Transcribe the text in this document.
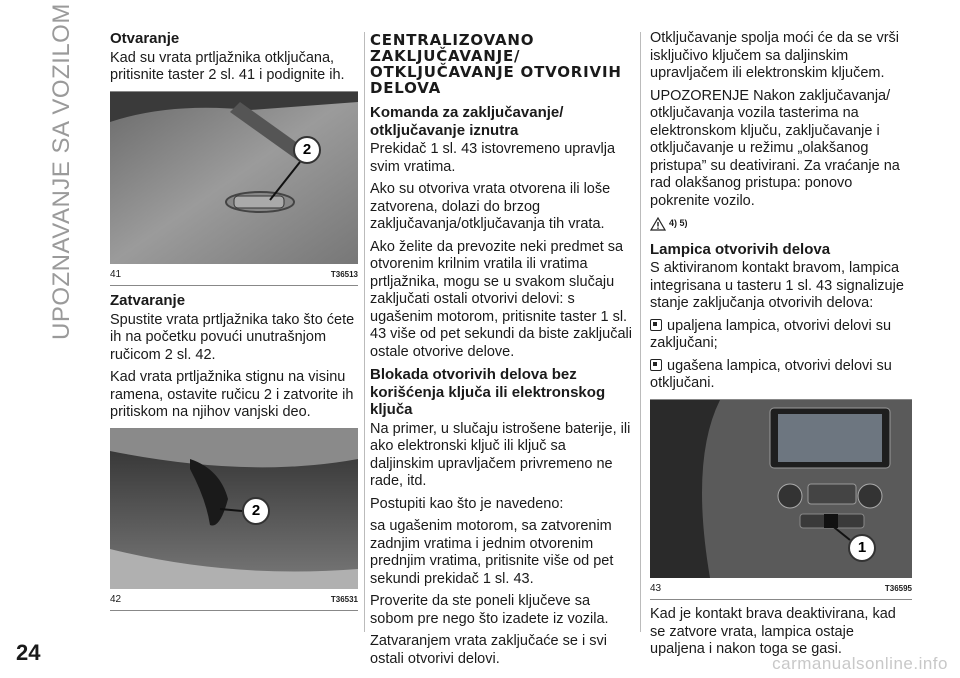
UPOZNAVANJE SA VOZILOM
24
Otvaranje

Kad su vrata prtljažnika otključana, pritisnite taster 2 sl. 41 i podignite ih.

2
41	T36513
Zatvaranje

Spustite vrata prtljažnika tako što ćete ih na početku povući unutrašnjom ručicom 2 sl. 42.

Kad vrata prtljažnika stignu na visinu ramena, ostavite ručicu 2 i zatvorite ih pritiskom na njihov vanjski deo.

2
42	T36531
CENTRALIZOVANO ZAKLJUČAVANJE/ OTKLJUČAVANJE OTVORIVIH DELOVA
Komanda za zaključavanje/ otključavanje iznutra

Prekidač 1 sl. 43 istovremeno upravlja svim vratima.

Ako su otvoriva vrata otvorena ili loše zatvorena, dolazi do brzog zaključavanja/otključavanja tih vrata.

Ako želite da prevozite neki predmet sa otvorenim krilnim vratila ili vratima prtljažnika, mogu se u svakom slučaju zaključati ostali otvorivi delovi: s ugašenim motorom, pritisnite taster 1 sl. 43 više od pet sekundi da biste zaključali ostale otvorive delove.

Blokada otvorivih delova bez korišćenja ključa ili elektronskog ključa

Na primer, u slučaju istrošene baterije, ili ako elektronski ključ ili ključ sa daljinskim upravljačem privremeno ne rade, itd.

Postupiti kao što je navedeno:

sa ugašenim motorom, sa zatvorenim zadnjim vratima i jednim otvorenim prednjim vratima, pritisnite više od pet sekundi prekidač 1 sl. 43.

Proverite da ste poneli ključeve sa sobom pre nego što izadete iz vozila.

Zatvaranjem vrata zaključaće se i svi ostali otvorivi delovi.

Otključavanje spolja moći će da se vrši isključivo ključem sa daljinskim upravljačem ili elektronskim ključem.

UPOZORENJE Nakon zaključavanja/ otključavanja vozila tasterima na elektronskom ključu, zaključavanje i otključavanje u režimu „olakšanog pristupa” su deativirani. Za vraćanje na rad olakšanog pristupa: ponovo pokrenite vozilo.

4) 5)
Lampica otvorivih delova

S aktiviranom kontakt bravom, lampica integrisana u tasteru 1 sl. 43 signalizuje stanje zaključanja otvorivih delova:

upaljena lampica, otvorivi delovi su zaključani;

ugašena lampica, otvorivi delovi su otključani.

1
43	T36595

Kad je kontakt brava deaktivirana, kad se zatvore vrata, lampica ostaje upaljena i nakon toga se gasi.

carmanualsonline.info
